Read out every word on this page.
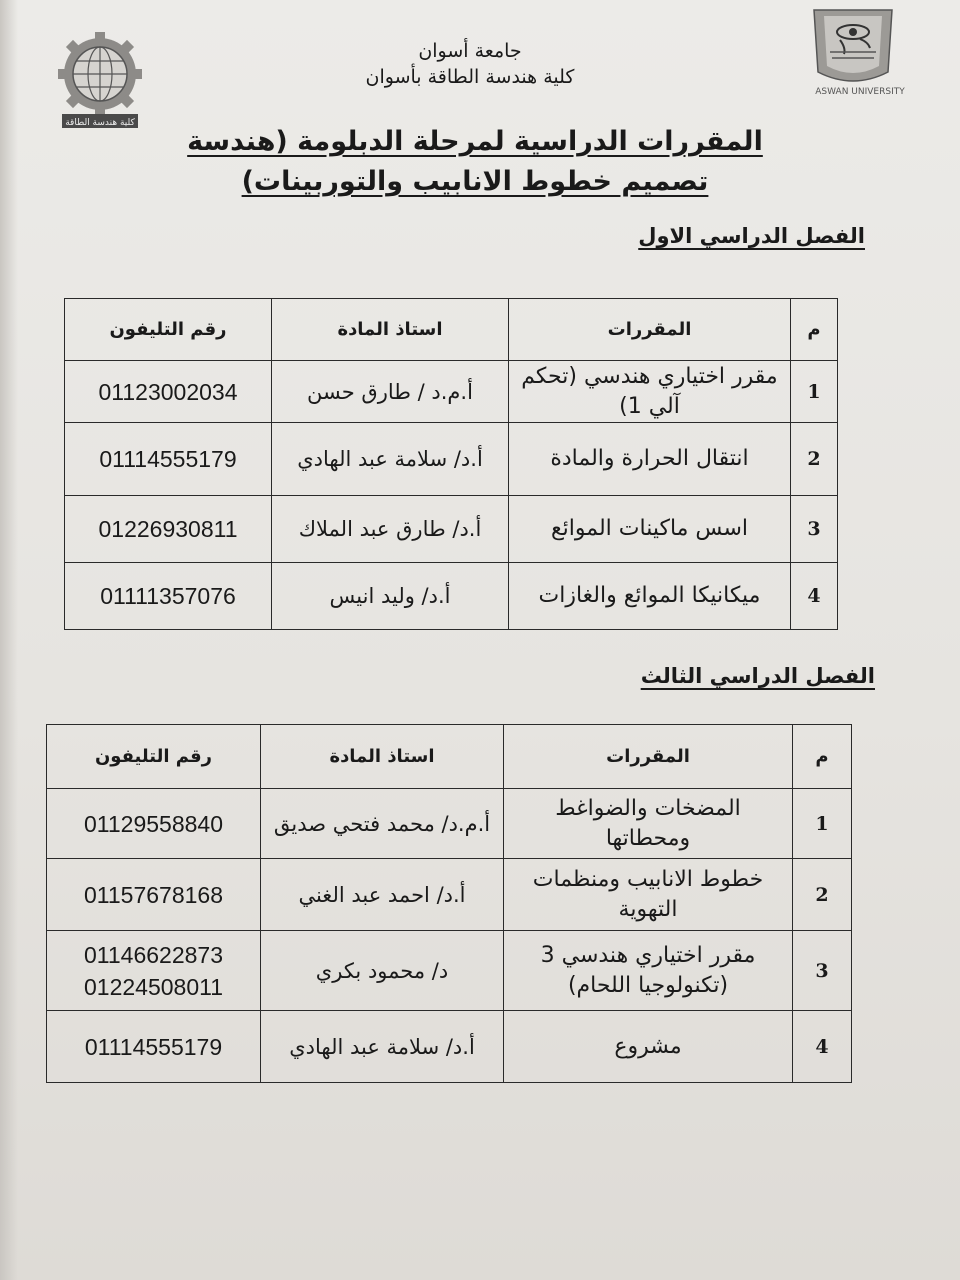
كلية هندسة الطاقة
ASWAN UNIVERSITY
جامعة أسوان
كلية هندسة الطاقة بأسوان
المقررات الدراسية لمرحلة الدبلومة (هندسة تصميم خطوط الانابيب والتوربينات)
الفصل الدراسي الاول
م	المقررات	استاذ المادة	رقم التليفون
1	مقرر اختياري هندسي (تحكم آلي 1)	أ.م.د / طارق حسن	01123002034
2	انتقال الحرارة والمادة	أ.د/ سلامة عبد الهادي	01114555179
3	اسس ماكينات الموائع	أ.د/ طارق عبد الملاك	01226930811
4	ميكانيكا الموائع والغازات	أ.د/ وليد انيس	01111357076
الفصل الدراسي الثالث
م	المقررات	استاذ المادة	رقم التليفون
1	المضخات والضواغط ومحطاتها	أ.م.د/ محمد فتحي صديق	01129558840
2	خطوط الانابيب ومنظمات التهوية	أ.د/ احمد عبد الغني	01157678168
3	مقرر اختياري هندسي 3 (تكنولوجيا اللحام)	د/ محمود بكري	01146622873
01224508011

4	مشروع	أ.د/ سلامة عبد الهادي	01114555179
